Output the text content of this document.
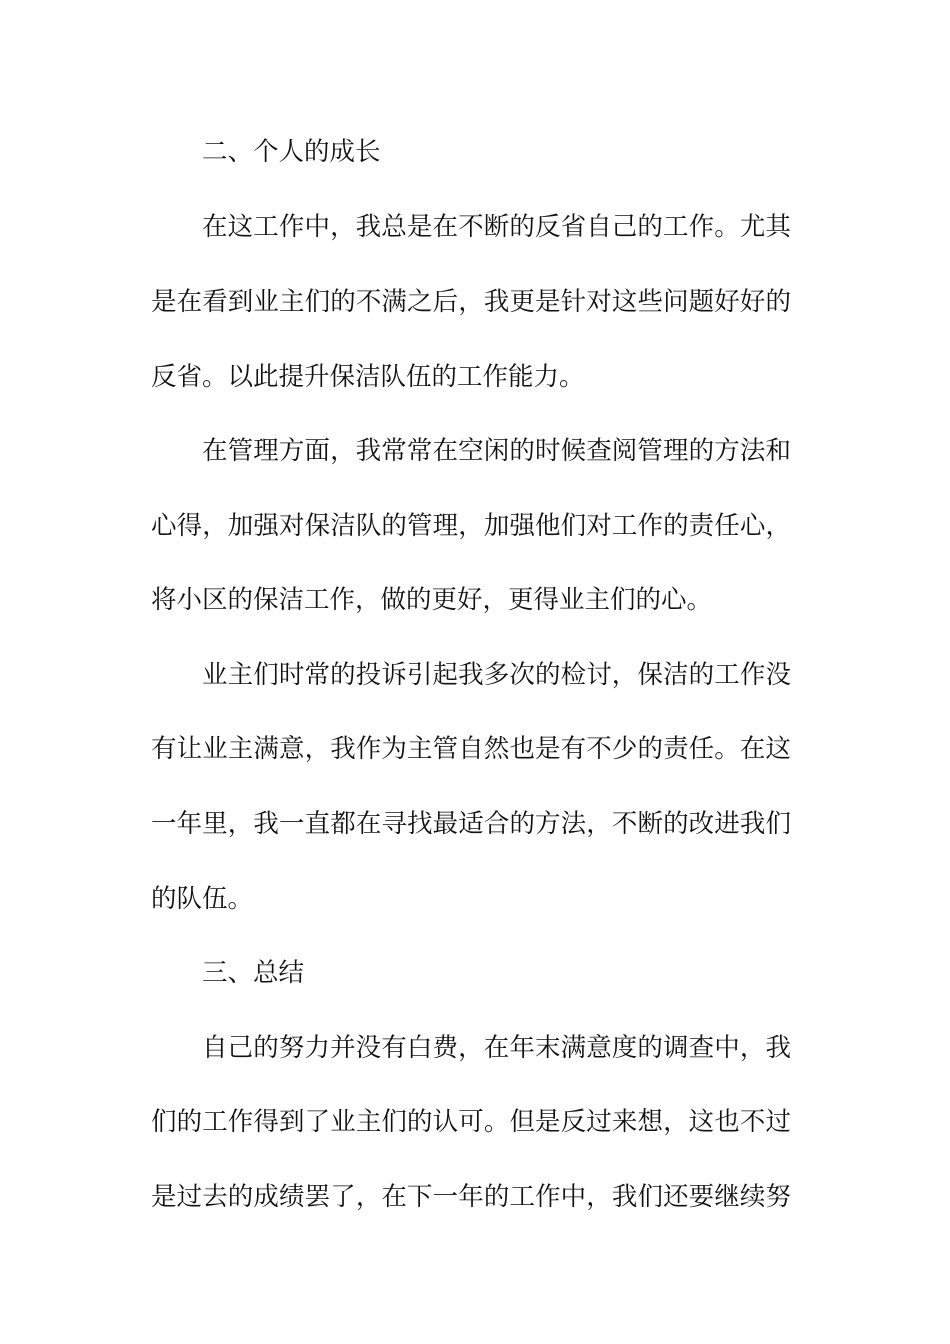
二、个人的成长
在这工作中，我总是在不断的反省自己的工作。尤其
是在看到业主们的不满之后，我更是针对这些问题好好的
反省。以此提升保洁队伍的工作能力。
在管理方面，我常常在空闲的时候查阅管理的方法和
心得，加强对保洁队的管理，加强他们对工作的责任心，
将小区的保洁工作，做的更好，更得业主们的心。
业主们时常的投诉引起我多次的检讨，保洁的工作没
有让业主满意，我作为主管自然也是有不少的责任。在这
一年里，我一直都在寻找最适合的方法，不断的改进我们
的队伍。
三、总结
自己的努力并没有白费，在年末满意度的调查中，我
们的工作得到了业主们的认可。但是反过来想，这也不过
是过去的成绩罢了，在下一年的工作中，我们还要继续努
